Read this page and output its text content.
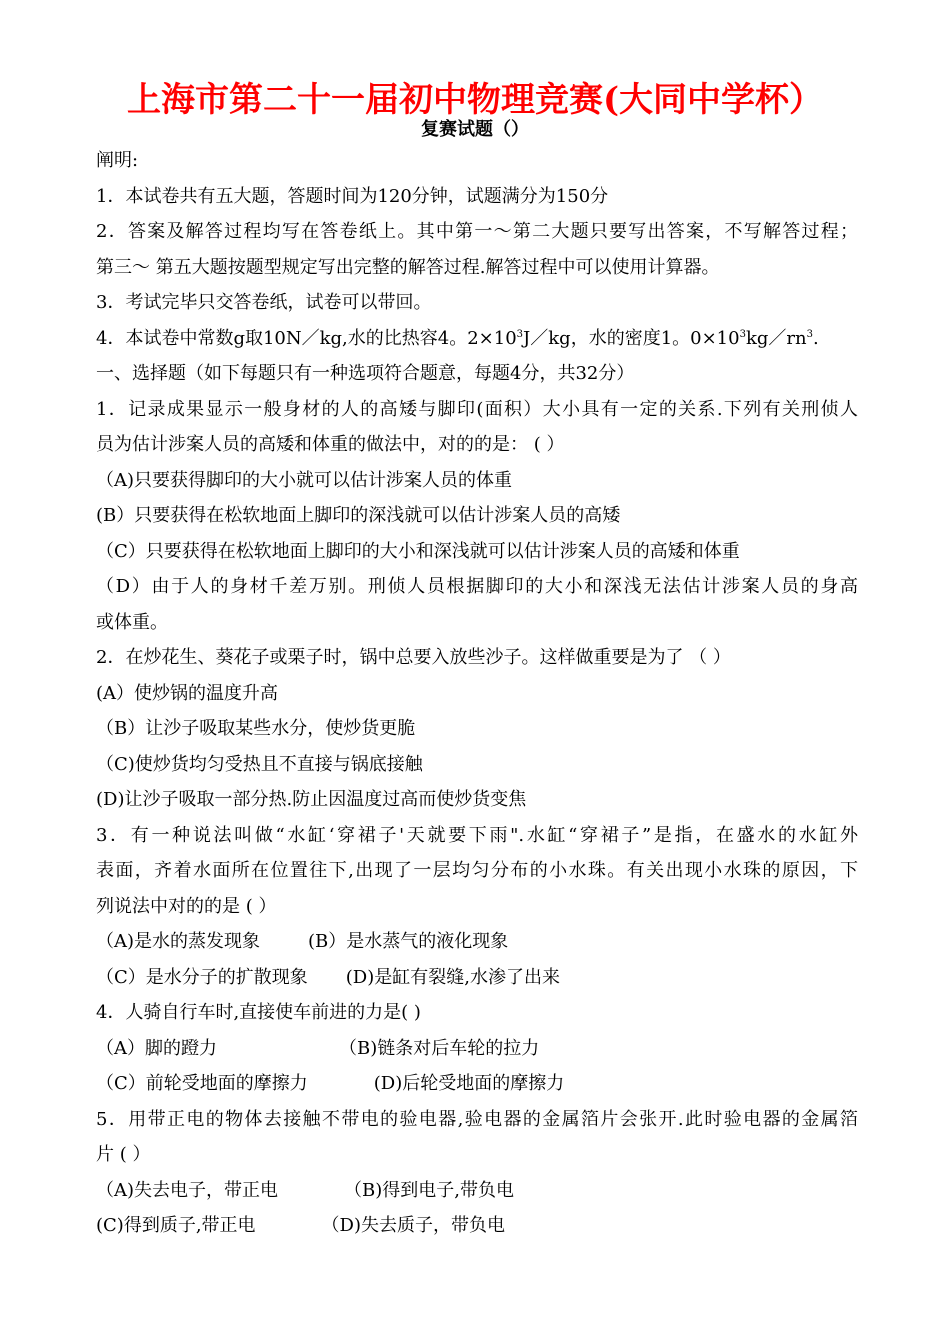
上海市第二十一届初中物理竞赛(大同中学杯）
复赛试题（）
阐明:
1．本试卷共有五大题，答题时间为120分钟，试题满分为150分
2．答案及解答过程均写在答卷纸上。其中第一～第二大题只要写出答案，不写解答过程；
第三～ 第五大题按题型规定写出完整的解答过程.解答过程中可以使用计算器。
3．考试完毕只交答卷纸，试卷可以带回。
4．本试卷中常数g取10N／kg,水的比热容4。$2\times 10^3J/kg$，水的密度1。$0\times 10^3kg/rn^3$.
一、选择题（如下每题只有一种选项符合题意，每题4分，共32分）
1．记录成果显示一般身材的人的高矮与脚印(面积）大小具有一定的关系.下列有关刑侦人
员为估计涉案人员的高矮和体重的做法中，对的的是： ( ）
（A)只要获得脚印的大小就可以估计涉案人员的体重
(B）只要获得在松软地面上脚印的深浅就可以估计涉案人员的高矮
（C）只要获得在松软地面上脚印的大小和深浅就可以估计涉案人员的高矮和体重
（D）由于人的身材千差万别。刑侦人员根据脚印的大小和深浅无法估计涉案人员的身高
或体重。
2．在炒花生、葵花子或栗子时，锅中总要入放些沙子。这样做重要是为了 （ ）
(A）使炒锅的温度升高
（B）让沙子吸取某些水分，使炒货更脆
（C)使炒货均匀受热且不直接与锅底接触
(D)让沙子吸取一部分热.防止因温度过高而使炒货变焦
3．有一种说法叫做“水缸‘穿裙子'天就要下雨".水缸“穿裙子”是指，在盛水的水缸外
表面，齐着水面所在位置往下,出现了一层均匀分布的小水珠。有关出现小水珠的原因，下
列说法中对的的是 ( ）
（A)是水的蒸发现象	(B）是水蒸气的液化现象
（C）是水分子的扩散现象 (D)是缸有裂缝,水渗了出来
4．人骑自行车时,直接使车前进的力是( )
（A）脚的蹬力	（B)链条对后车轮的拉力
（C）前轮受地面的摩擦力	(D)后轮受地面的摩擦力
5．用带正电的物体去接触不带电的验电器,验电器的金属箔片会张开.此时验电器的金属箔
片 ( ）
（A)失去电子，带正电	（B)得到电子,带负电
(C)得到质子,带正电	（D)失去质子，带负电
